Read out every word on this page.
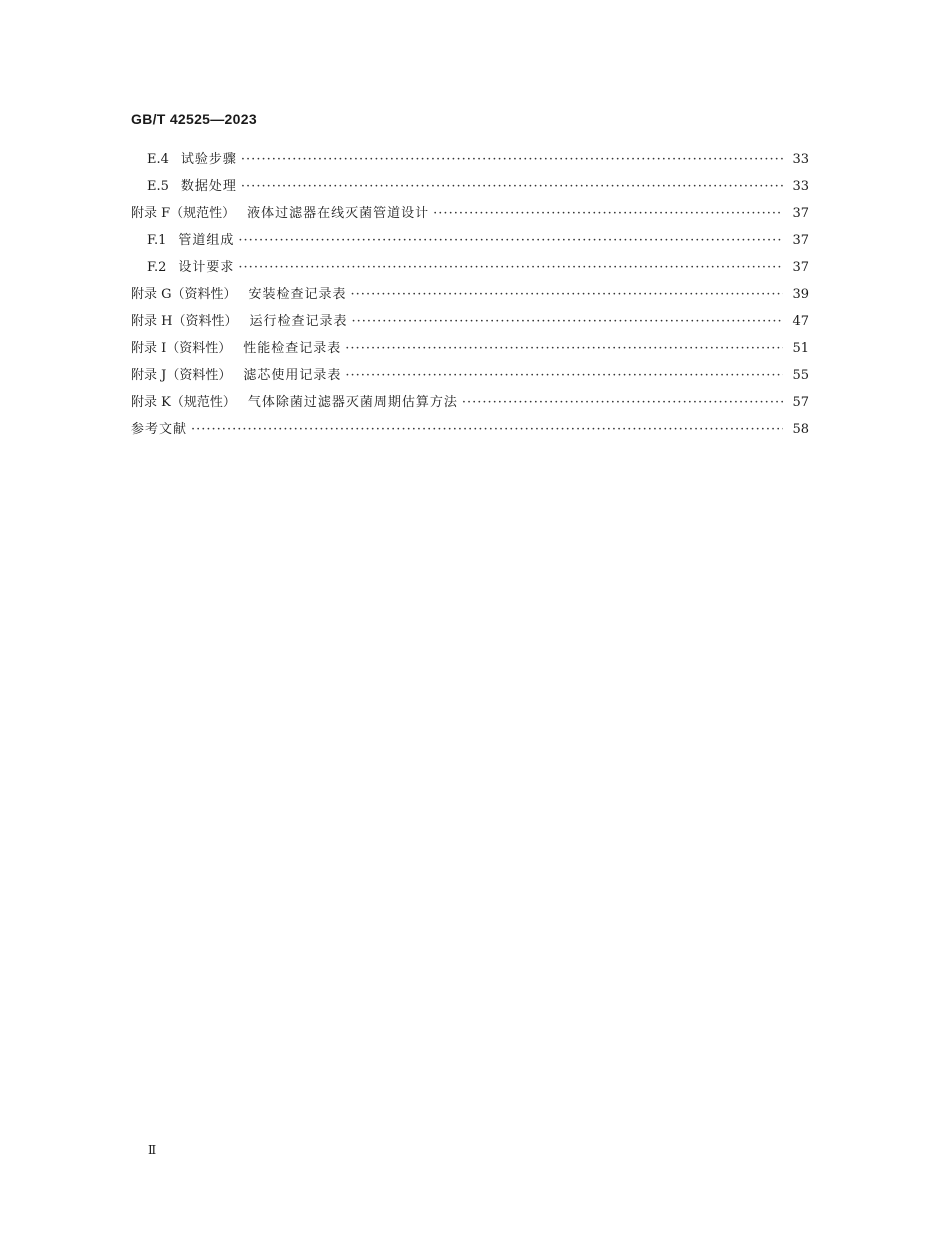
GB/T 42525—2023
E.4 试验步骤 ·····	33
E.5 数据处理 ·····	33
附录 F（规范性） 液体过滤器在线灭菌管道设计 ·····	37
F.1 管道组成 ·····	37
F.2 设计要求 ·····	37
附录 G（资料性） 安装检查记录表 ·····	39
附录 H（资料性） 运行检查记录表 ·····	47
附录 I（资料性） 性能检查记录表 ·····	51
附录 J（资料性） 滤芯使用记录表 ·····	55
附录 K（规范性） 气体除菌过滤器灭菌周期估算方法 ·····	57
参考文献 ·····	58
Ⅱ
